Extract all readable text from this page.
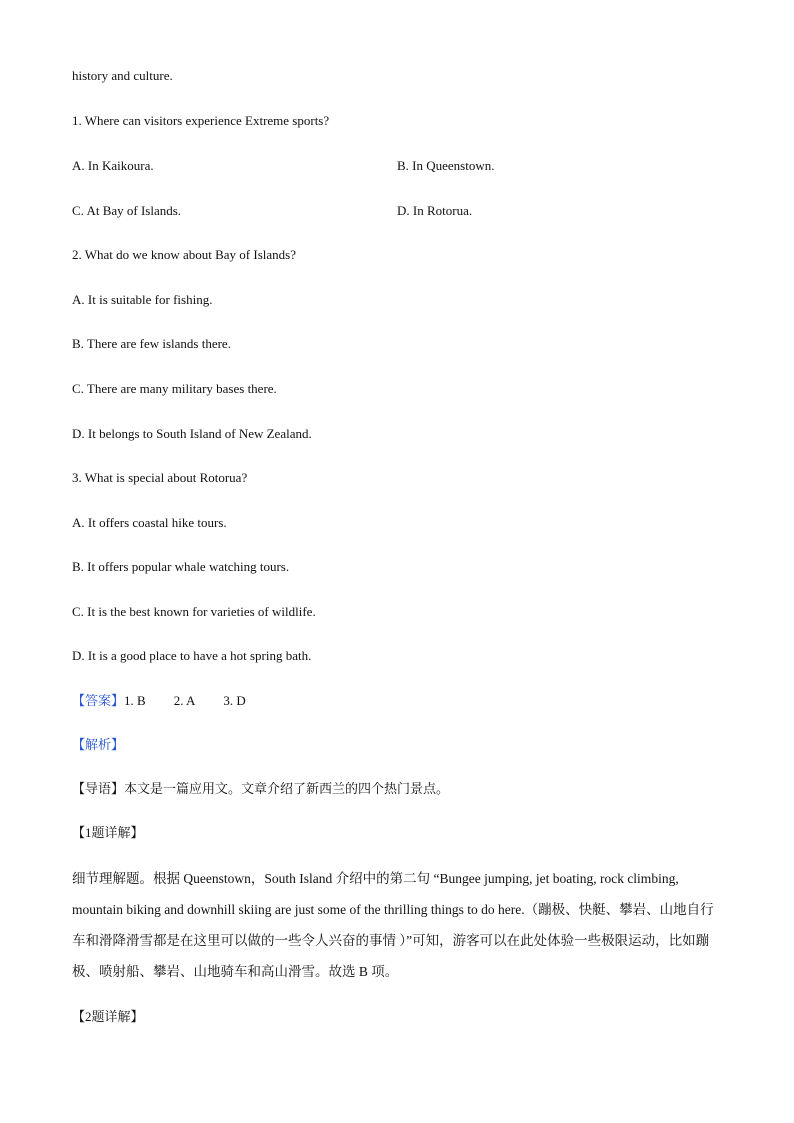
history and culture.
1. Where can visitors experience Extreme sports?
A. In Kaikoura.	B. In Queenstown.
C. At Bay of Islands.	D. In Rotorua.
2. What do we know about Bay of Islands?
A. It is suitable for fishing.
B. There are few islands there.
C. There are many military bases there.
D. It belongs to South Island of New Zealand.
3. What is special about Rotorua?
A. It offers coastal hike tours.
B. It offers popular whale watching tours.
C. It is the best known for varieties of wildlife.
D. It is a good place to have a hot spring bath.
【答案】1. B 2. A 3. D
【解析】
【导语】本文是一篇应用文。文章介绍了新西兰的四个热门景点。
【1题详解】
细节理解题。根据 Queenstown，South Island 介绍中的第二句 “Bungee jumping, jet boating, rock climbing, mountain biking and downhill skiing are just some of the thrilling things to do here.（蹦极、快艇、攀岩、山地自行车和滑降滑雪都是在这里可以做的一些令人兴奋的事情 ）”可知，游客可以在此处体验一些极限运动，比如蹦极、喷射船、攀岩、山地骑车和高山滑雪。故选 B 项。
【2题详解】
